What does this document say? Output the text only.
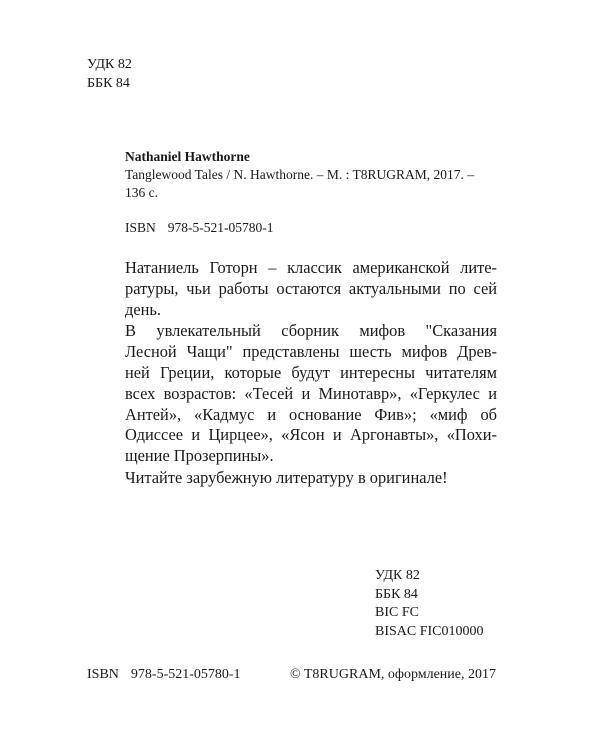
УДК 82
ББК 84
Nathaniel Hawthorne
Tanglewood Tales / N. Hawthorne. – M. : T8RUGRAM, 2017. –
136 с.
ISBN 978-5-521-05780-1

Натаниель Готорн – классик американской лите-
ратуры, чьи работы остаются актуальными по сей
день.

В увлекательный сборник мифов "Сказания
Лесной Чащи" представлены шесть мифов Древ-
ней Греции, которые будут интересны читателям
всех возрастов: «Тесей и Минотавр», «Геркулес и
Антей», «Кадмус и основание Фив»; «миф об
Одиссее и Цирцее», «Ясон и Аргонавты», «Похи-
щение Прозерпины».

Читайте зарубежную литературу в оригинале!

УДК 82
ББК 84
BIC FC
BISAC FIC010000
ISBN 978-5-521-05780-1	© T8RUGRAM, оформление, 2017
